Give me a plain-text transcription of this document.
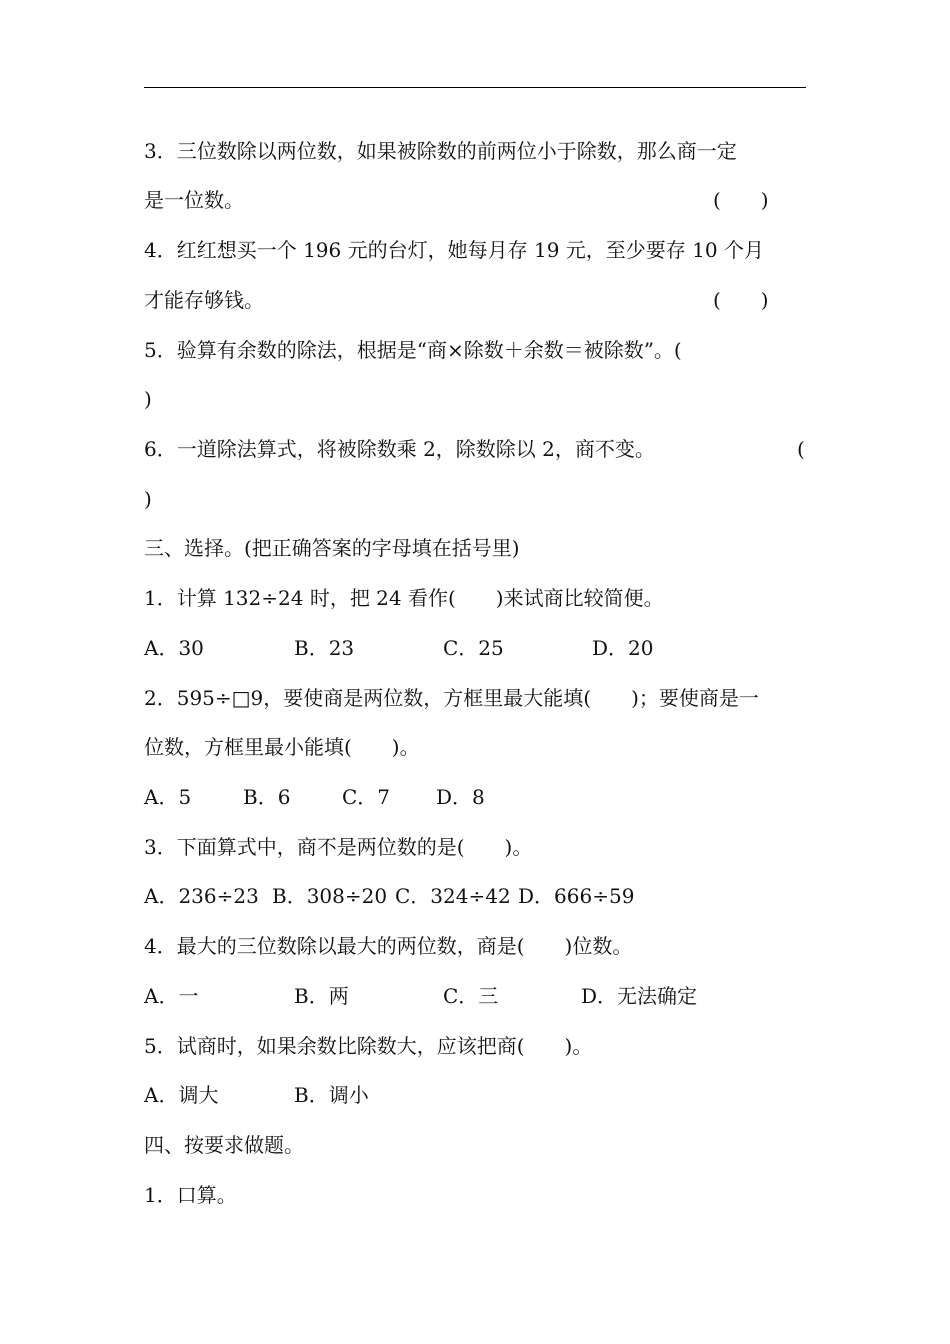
3．三位数除以两位数，如果被除数的前两位小于除数，那么商一定
是一位数。	(　　)
4．红红想买一个 196 元的台灯，她每月存 19 元，至少要存 10 个月
才能存够钱。	(　　)
5．验算有余数的除法，根据是“商×除数＋余数＝被除数”。(
)
6．一道除法算式，将被除数乘 2，除数除以 2，商不变。	(
)
三、选择。(把正确答案的字母填在括号里)
1．计算 132÷24 时，把 24 看作(　　)来试商比较简便。
A．30	B．23	C．25	D．20
2．595÷□9，要使商是两位数，方框里最大能填(　　)；要使商是一
位数，方框里最小能填(　　)。
A．5	B．6	C．7 D．8
3．下面算式中，商不是两位数的是(　　)。
A．236÷23 B．308÷20 C．324÷42 D．666÷59
4．最大的三位数除以最大的两位数，商是(　　)位数。
A．一	B．两	C．三	D．无法确定
5．试商时，如果余数比除数大，应该把商(　　)。
A．调大	B．调小
四、按要求做题。
1．口算。
